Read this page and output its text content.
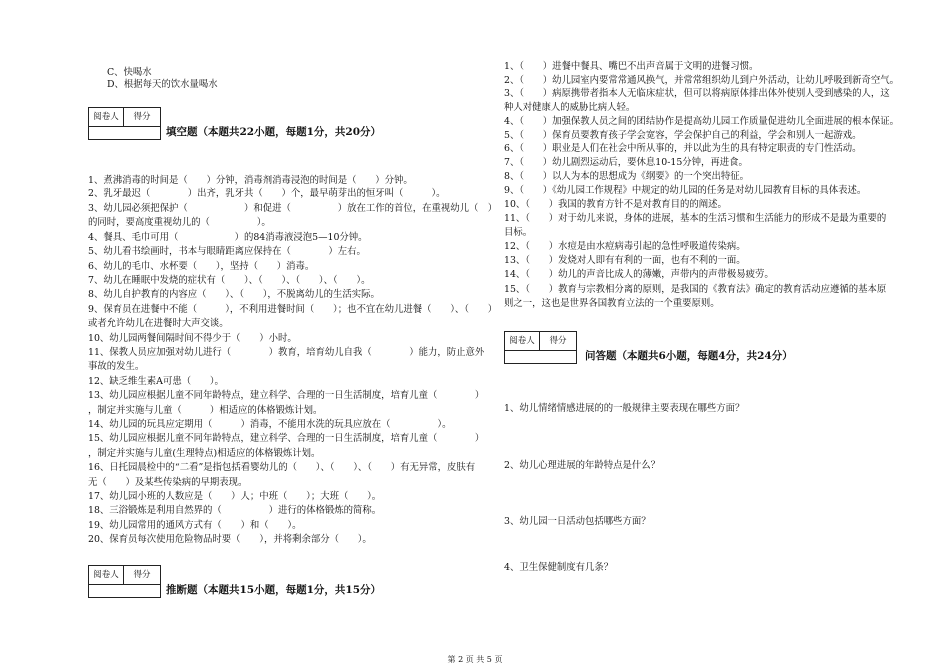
C、快喝水
D、根据每天的饮水量喝水
阅卷人	得分
填空题（本题共22小题，每题1分，共20分）
1、煮沸消毒的时间是（　　）分钟，消毒剂消毒浸泡的时间是（　　）分钟。
2、乳牙最迟（　　　　）出齐，乳牙共（　　）个，最早萌芽出的恒牙叫（　　　）。
3、幼儿园必须把保护（　　　　　　）和促进（　　　　　）放在工作的首位，在重视幼儿（　）
的同时，要高度重视幼儿的（　　　　　）。
4、餐具、毛巾可用（　　　　　　）的84消毒液浸泡5—10分钟。
5、幼儿看书绘画时，书本与眼睛距离应保持在（　　　　）左右。
6、幼儿的毛巾、水杯要（　　），坚持（　　）消毒。
7、幼儿在睡眠中发烧的症状有（　　）、（　　）、（　　）、（　　）。
8、幼儿自护教育的内容应（　　）、（　　），不脱离幼儿的生活实际。
9、保育员在进餐中不能（　　　），不利用进餐时间（　　）；也不宜在幼儿进餐（　　）、（　　）
或者允许幼儿在进餐时大声交谈。
10、幼儿园两餐间隔时间不得少于（　　）小时。
11、保教人员应加强对幼儿进行（　　　　）教育，培育幼儿自我（　　　　）能力，防止意外
事故的发生。
12、缺乏维生素A可患（　　）。
13、幼儿园应根据儿童不同年龄特点，建立科学、合理的一日生活制度，培育儿童（　　　　）
，制定并实施与儿童（　　　）相适应的体格锻炼计划。
14、幼儿园的玩具应定期用（　　　）消毒，不能用水洗的玩具应放在（　　　　　）。
15、幼儿园应根据儿童不同年龄特点，建立科学、合理的一日生活制度，培育儿童（　　　　）
，制定并实施与儿童(生理特点)相适应的体格锻炼计划。
16、日托园晨检中的“二看”是指包括看婴幼儿的（　　）、（　　）、（　　）有无异常，皮肤有
无（　　）及某些传染病的早期表现。
17、幼儿园小班的人数应是（　　）人；中班（　　）；大班（　　）。
18、三浴锻炼是利用自然界的（　　　　　）进行的体格锻炼的简称。
19、幼儿园常用的通风方式有（　　）和（　　）。
20、保育员每次使用危险物品时要（　　），并将剩余部分（　　）。
阅卷人	得分
推断题（本题共15小题，每题1分，共15分）
1、（　　）进餐中餐具、嘴巴不出声音属于文明的进餐习惯。
2、（　　）幼儿园室内要常常通风换气，并常常组织幼儿到户外活动，让幼儿呼吸到新奇空气。
3、（　　）病原携带者指本人无临床症状，但可以将病原体排出体外使别人受到感染的人，这
种人对健康人的威胁比病人轻。
4、（　　）加强保教人员之间的团结协作是提高幼儿园工作质量促进幼儿全面进展的根本保证。
5、（　　）保育员要教育孩子学会宽容，学会保护自己的利益，学会和别人一起游戏。
6、（　　）职业是人们在社会中所从事的，并以此为生的具有特定职责的专门性活动。
7、（　　）幼儿剧烈运动后，要休息10-15分钟，再进食。
8、（　　）以人为本的思想成为《纲要》的一个突出特征。
9、（　　）《幼儿园工作规程》中规定的幼儿园的任务是对幼儿园教育目标的具体表述。
10、（　　）我国的教育方针不是对教育目的的阐述。
11、（　　）对于幼儿来说，身体的进展，基本的生活习惯和生活能力的形成不是最为重要的
目标。
12、（　　）水痘是由水痘病毒引起的急性呼吸道传染病。
13、（　　）发烧对人即有有利的一面，也有不利的一面。
14、（　　）幼儿的声音比成人的薄嫩，声带内的声带极易疲劳。
15、（　　）教育与宗教相分离的原则，是我国的《教育法》确定的教育活动应遵循的基本原
则之一，这也是世界各国教育立法的一个重要原则。
阅卷人	得分
问答题（本题共6小题，每题4分，共24分）
1、幼儿情绪情感进展的的一般规律主要表现在哪些方面？
2、幼儿心理进展的年龄特点是什么？
3、幼儿园一日活动包括哪些方面？
4、卫生保健制度有几条？
第 2 页 共 5 页
